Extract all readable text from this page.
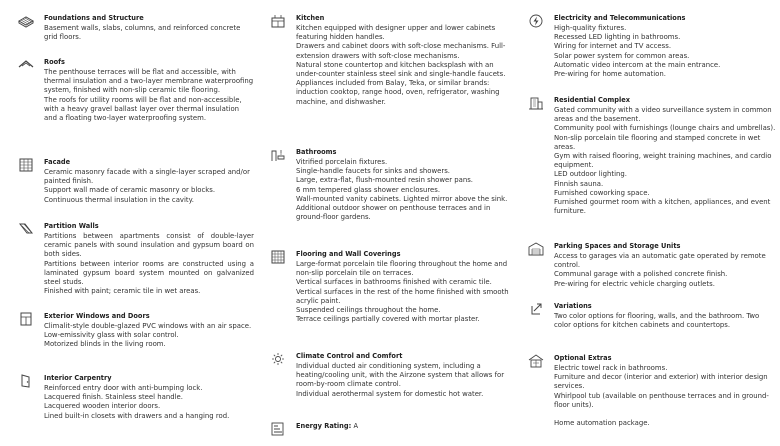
Foundations and Structure

Basement walls, slabs, columns, and reinforced concrete grid floors.

Roofs

The penthouse terraces will be flat and accessible, with thermal insulation and a two-layer membrane waterproofing system, finished with non-slip ceramic tile flooring.

The roofs for utility rooms will be flat and non-accessible, with a heavy gravel ballast layer over thermal insulation and a floating two-layer waterproofing system.

Facade

Ceramic masonry facade with a single-layer scraped and/or painted finish.

Support wall made of ceramic masonry or blocks.

Continuous thermal insulation in the cavity.

Partition Walls

Partitions between apartments consist of double-layer ceramic panels with sound insulation and gypsum board on both sides.

Partitions between interior rooms are constructed using a laminated gypsum board system mounted on galvanized steel studs.

Finished with paint; ceramic tile in wet areas.

Exterior Windows and Doors

Climalit-style double-glazed PVC windows with an air space.

Low-emissivity glass with solar control.

Motorized blinds in the living room.

Interior Carpentry

Reinforced entry door with anti-bumping lock.

Lacquered finish. Stainless steel handle.

Lacquered wooden interior doors.

Lined built-in closets with drawers and a hanging rod.

Kitchen

Kitchen equipped with designer upper and lower cabinets featuring hidden handles.

Drawers and cabinet doors with soft-close mechanisms. Full-extension drawers with soft-close mechanisms.

Natural stone countertop and kitchen backsplash with an under-counter stainless steel sink and single-handle faucets.

Appliances included from Balay, Teka, or similar brands: induction cooktop, range hood, oven, refrigerator, washing machine, and dishwasher.

Bathrooms

Vitrified porcelain fixtures.

Single-handle faucets for sinks and showers.

Large, extra-flat, flush-mounted resin shower pans.

6 mm tempered glass shower enclosures.

Wall-mounted vanity cabinets. Lighted mirror above the sink.

Additional outdoor shower on penthouse terraces and in ground-floor gardens.

Flooring and Wall Coverings

Large-format porcelain tile flooring throughout the home and non-slip porcelain tile on terraces.

Vertical surfaces in bathrooms finished with ceramic tile. Vertical surfaces in the rest of the home finished with smooth acrylic paint.

Suspended ceilings throughout the home.

Terrace ceilings partially covered with mortar plaster.

Climate Control and Comfort

Individual ducted air conditioning system, including a heating/cooling unit, with the Airzone system that allows for room-by-room climate control.

Individual aerothermal system for domestic hot water.

Energy Rating: A
Electricity and Telecommunications

High-quality fixtures.

Recessed LED lighting in bathrooms.

Wiring for internet and TV access.

Solar power system for common areas.

Automatic video intercom at the main entrance.

Pre-wiring for home automation.

Residential Complex

Gated community with a video surveillance system in common areas and the basement.

Community pool with furnishings (lounge chairs and umbrellas). Non-slip porcelain tile flooring and stamped concrete in wet areas.

Gym with raised flooring, weight training machines, and cardio equipment.

LED outdoor lighting.

Finnish sauna.

Furnished coworking space.

Furnished gourmet room with a kitchen, appliances, and event furniture.

Parking Spaces and Storage Units

Access to garages via an automatic gate operated by remote control.

Communal garage with a polished concrete finish.

Pre-wiring for electric vehicle charging outlets.

Variations

Two color options for flooring, walls, and the bathroom. Two color options for kitchen cabinets and countertops.

Optional Extras

Electric towel rack in bathrooms.

Furniture and decor (interior and exterior) with interior design services.

Whirlpool tub (available on penthouse terraces and in ground-floor units).

Home automation package.
